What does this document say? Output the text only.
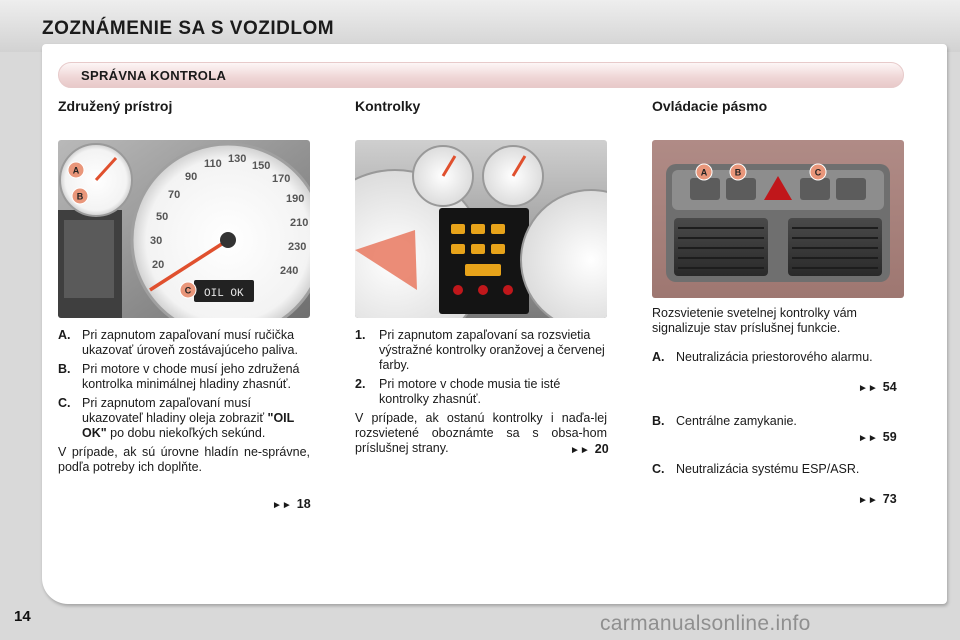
ZOZNÁMENIE SA S VOZIDLOM
SPRÁVNA KONTROLA
Združený prístroj	Kontrolky	Ovládacie pásmo
20
30
50
70
90
110 130
150
170
190
210
230
240
OIL OK
A
B
C
A	B	C
A. Pri zapnutom zapaľovaní musí ručička ukazovať úroveň zostávajúceho paliva.
B. Pri motore v chode musí jeho združená kontrolka minimálnej hladiny zhasnúť.
C. Pri zapnutom zapaľovaní musí ukazovateľ hladiny oleja zobraziť "OIL OK" po dobu niekoľkých sekúnd.
V prípade, ak sú úrovne hladín ne-správne, podľa potreby ich doplňte.
►► 18
1. Pri zapnutom zapaľovaní sa rozsvietia výstražné kontrolky oranžovej a červenej farby.
2. Pri motore v chode musia tie isté kontrolky zhasnúť.
V prípade, ak ostanú kontrolky i naďa-lej rozsvietené oboznámte sa s obsa-hom príslušnej strany.	►► 20
Rozsvietenie svetelnej kontrolky vám signalizuje stav príslušnej funkcie.
A. Neutralizácia priestorového alarmu.
►► 54
B. Centrálne zamykanie.
►► 59
C. Neutralizácia systému ESP/ASR.
►► 73
14	carmanualsonline.info
